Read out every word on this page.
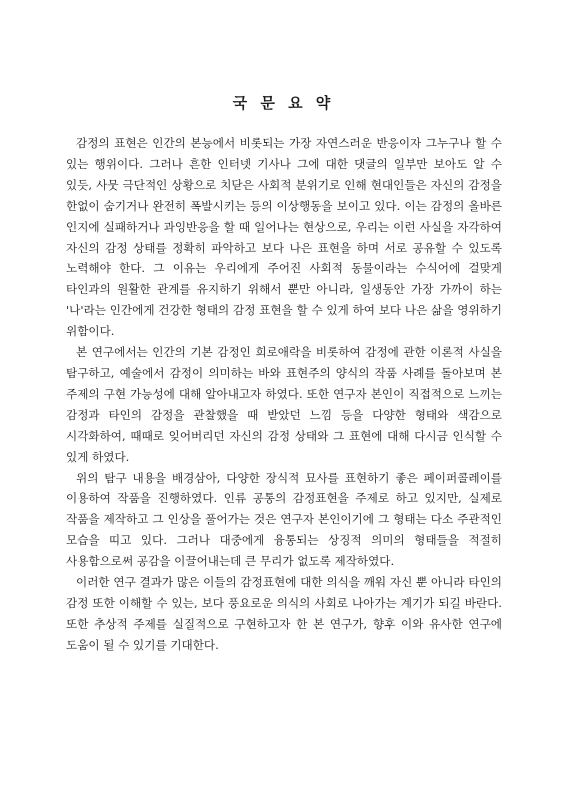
국 문 요 약

감정의 표현은 인간의 본능에서 비롯되는 가장 자연스러운 반응이자 그누구나 할 수 있는 행위이다. 그러나 흔한 인터넷 기사나 그에 대한 댓글의 일부만 보아도 알 수 있듯, 사뭇 극단적인 상황으로 치닫은 사회적 분위기로 인해 현대인들은 자신의 감정을 한없이 숨기거나 완전히 폭발시키는 등의 이상행동을 보이고 있다. 이는 감정의 올바른 인지에 실패하거나 과잉반응을 할 때 일어나는 현상으로, 우리는 이런 사실을 자각하여 자신의 감정 상태를 정확히 파악하고 보다 나은 표현을 하며 서로 공유할 수 있도록 노력해야 한다. 그 이유는 우리에게 주어진 사회적 동물이라는 수식어에 걸맞게 타인과의 원활한 관계를 유지하기 위해서 뿐만 아니라, 일생동안 가장 가까이 하는 '나'라는 인간에게 건강한 형태의 감정 표현을 할 수 있게 하여 보다 나은 삶을 영위하기 위함이다.

본 연구에서는 인간의 기본 감정인 희로애락을 비롯하여 감정에 관한 이론적 사실을 탐구하고, 예술에서 감정이 의미하는 바와 표현주의 양식의 작품 사례를 돌아보며 본 주제의 구현 가능성에 대해 알아내고자 하였다. 또한 연구자 본인이 직접적으로 느끼는 감정과 타인의 감정을 관찰했을 때 받았던 느낌 등을 다양한 형태와 색감으로 시각화하여, 때때로 잊어버리던 자신의 감정 상태와 그 표현에 대해 다시금 인식할 수 있게 하였다.

위의 탐구 내용을 배경삼아, 다양한 장식적 묘사를 표현하기 좋은 페이퍼콜레이를 이용하여 작품을 진행하였다. 인류 공통의 감정표현을 주제로 하고 있지만, 실제로 작품을 제작하고 그 인상을 풀어가는 것은 연구자 본인이기에 그 형태는 다소 주관적인 모습을 띠고 있다. 그러나 대중에게 융통되는 상징적 의미의 형태들을 적절히 사용함으로써 공감을 이끌어내는데 큰 무리가 없도록 제작하였다.

이러한 연구 결과가 많은 이들의 감정표현에 대한 의식을 깨워 자신 뿐 아니라 타인의 감정 또한 이해할 수 있는, 보다 풍요로운 의식의 사회로 나아가는 계기가 되길 바란다. 또한 추상적 주제를 실질적으로 구현하고자 한 본 연구가, 향후 이와 유사한 연구에 도움이 될 수 있기를 기대한다.
